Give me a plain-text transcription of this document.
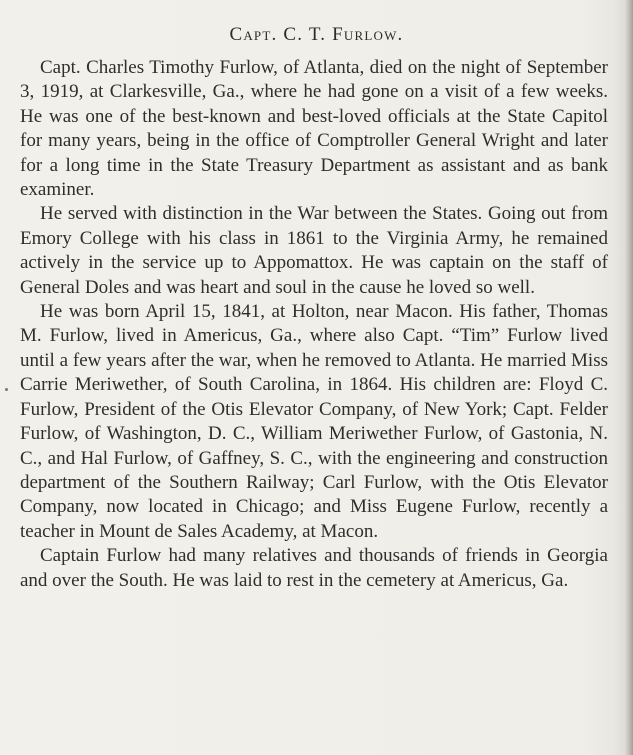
Capt. C. T. Furlow.

Capt. Charles Timothy Furlow, of Atlanta, died on the night of September 3, 1919, at Clarkesville, Ga., where he had gone on a visit of a few weeks. He was one of the best-known and best-loved officials at the State Capitol for many years, being in the office of Comptroller General Wright and later for a long time in the State Treasury Department as assistant and as bank examiner.

He served with distinction in the War between the States. Going out from Emory College with his class in 1861 to the Virginia Army, he remained actively in the service up to Appomattox. He was captain on the staff of General Doles and was heart and soul in the cause he loved so well.

He was born April 15, 1841, at Holton, near Macon. His father, Thomas M. Furlow, lived in Americus, Ga., where also Capt. “Tim” Furlow lived until a few years after the war, when he removed to Atlanta. He married Miss Carrie Meriwether, of South Carolina, in 1864. His children are: Floyd C. Furlow, President of the Otis Elevator Company, of New York; Capt. Felder Furlow, of Washington, D. C., William Meriwether Furlow, of Gastonia, N. C., and Hal Furlow, of Gaffney, S. C., with the engineering and construction department of the Southern Railway; Carl Furlow, with the Otis Elevator Company, now located in Chicago; and Miss Eugene Furlow, recently a teacher in Mount de Sales Academy, at Macon.

Captain Furlow had many relatives and thousands of friends in Georgia and over the South. He was laid to rest in the cemetery at Americus, Ga.
